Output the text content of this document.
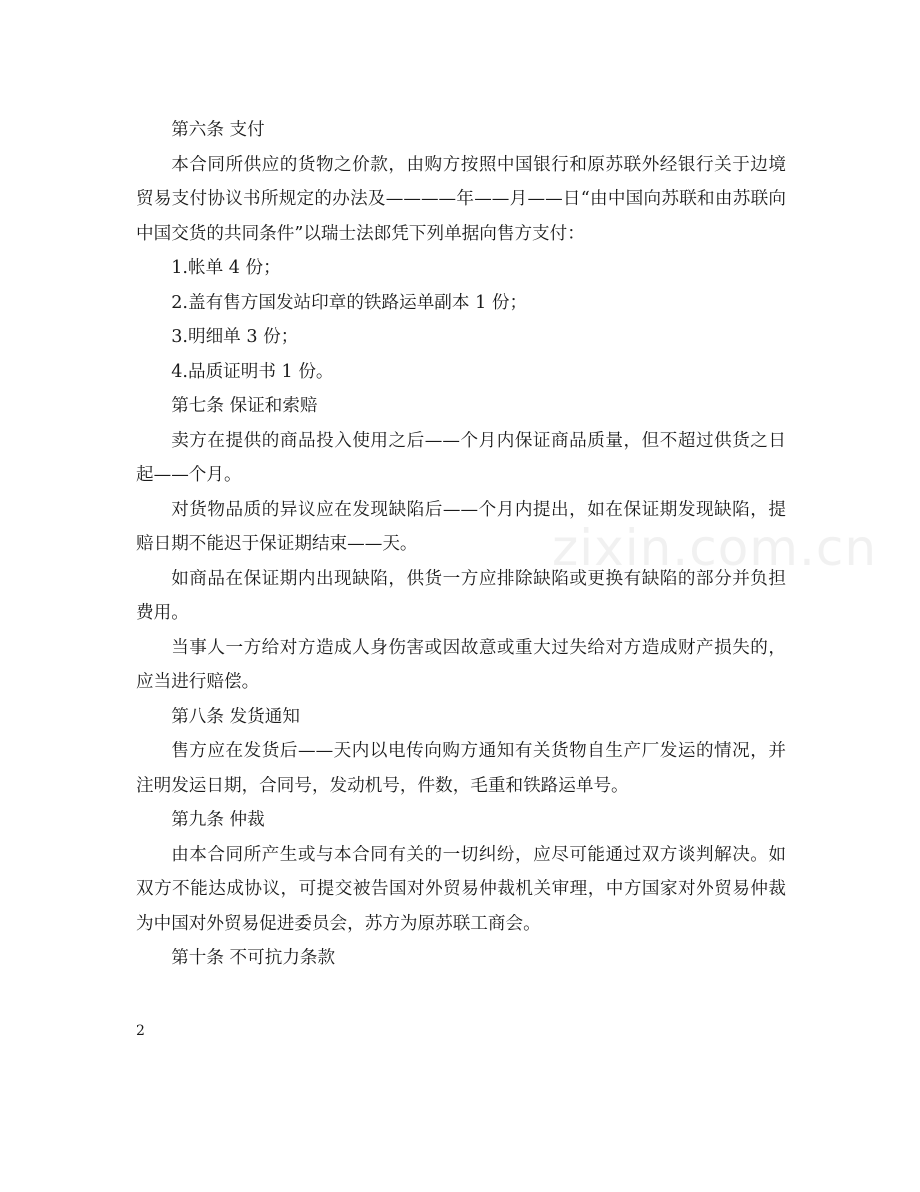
第六条 支付

本合同所供应的货物之价款，由购方按照中国银行和原苏联外经银行关于边境贸易支付协议书所规定的办法及————年——月——日“由中国向苏联和由苏联向中国交货的共同条件”以瑞士法郎凭下列单据向售方支付：

1.帐单 4 份；

2.盖有售方国发站印章的铁路运单副本 1 份；

3.明细单 3 份；

4.品质证明书 1 份。

第七条 保证和索赔

卖方在提供的商品投入使用之后——个月内保证商品质量，但不超过供货之日起——个月。

对货物品质的异议应在发现缺陷后——个月内提出，如在保证期发现缺陷，提赔日期不能迟于保证期结束——天。

如商品在保证期内出现缺陷，供货一方应排除缺陷或更换有缺陷的部分并负担费用。

当事人一方给对方造成人身伤害或因故意或重大过失给对方造成财产损失的，应当进行赔偿。

第八条 发货通知

售方应在发货后——天内以电传向购方通知有关货物自生产厂发运的情况，并注明发运日期，合同号，发动机号，件数，毛重和铁路运单号。

第九条 仲裁

由本合同所产生或与本合同有关的一切纠纷，应尽可能通过双方谈判解决。如双方不能达成协议，可提交被告国对外贸易仲裁机关审理，中方国家对外贸易仲裁为中国对外贸易促进委员会，苏方为原苏联工商会。

第十条 不可抗力条款

zixin.com.cn
2
